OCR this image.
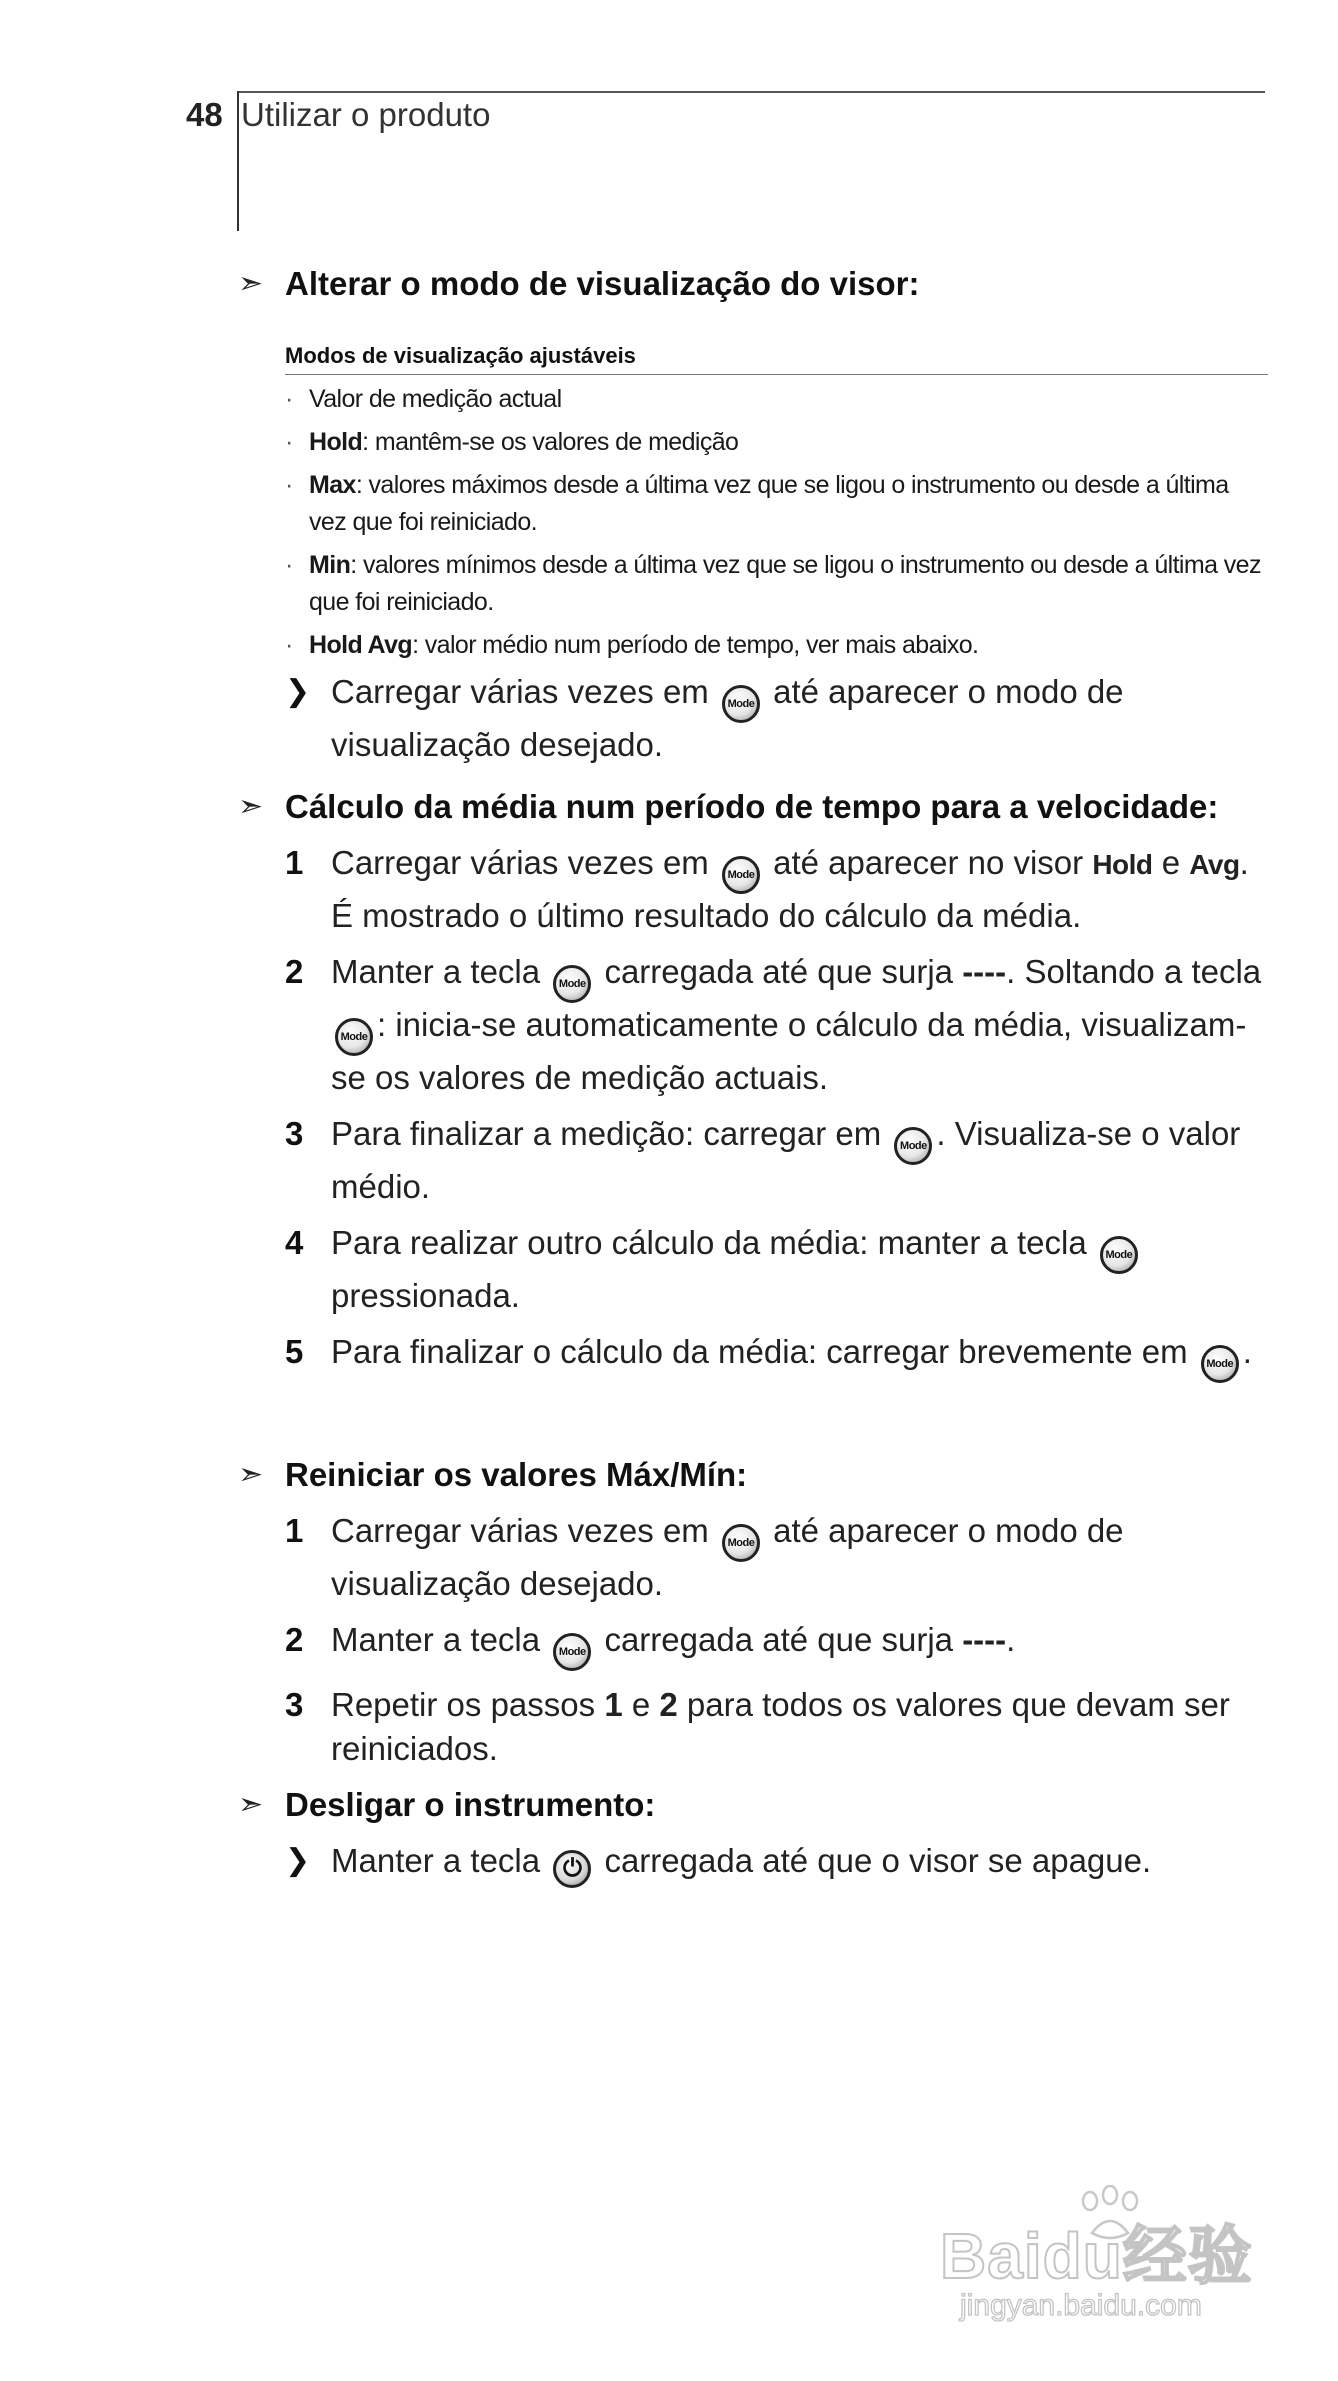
48 Utilizar o produto
➣ Alterar o modo de visualização do visor:
Modos de visualização ajustáveis
· Valor de medição actual
· Hold: mantêm-se os valores de medição
· Max: valores máximos desde a última vez que se ligou o instrumento ou desde a última vez que foi reiniciado.
· Min: valores mínimos desde a última vez que se ligou o instrumento ou desde a última vez que foi reiniciado.
· Hold Avg: valor médio num período de tempo, ver mais abaixo.
❯ Carregar várias vezes em Mode até aparecer o modo de visualização desejado.
➣ Cálculo da média num período de tempo para a velocidade:
1 Carregar várias vezes em Mode até aparecer no visor Hold e Avg. É mostrado o último resultado do cálculo da média.
2 Manter a tecla Mode carregada até que surja ----. Soltando a tecla Mode : inicia-se automaticamente o cálculo da média, visualizam-se os valores de medição actuais.
3 Para finalizar a medição: carregar em Mode . Visualiza-se o valor médio.
4 Para realizar outro cálculo da média: manter a tecla Mode pressionada.
5 Para finalizar o cálculo da média: carregar brevemente em Mode .
➣ Reiniciar os valores Máx/Mín:
1 Carregar várias vezes em Mode até aparecer o modo de visualização desejado.
2 Manter a tecla Mode carregada até que surja ----.
3 Repetir os passos 1 e 2 para todos os valores que devam ser reiniciados.
➣ Desligar o instrumento:
❯ Manter a tecla ⏻ carregada até que o visor se apague.
Baidu经验
jingyan.baidu.com
